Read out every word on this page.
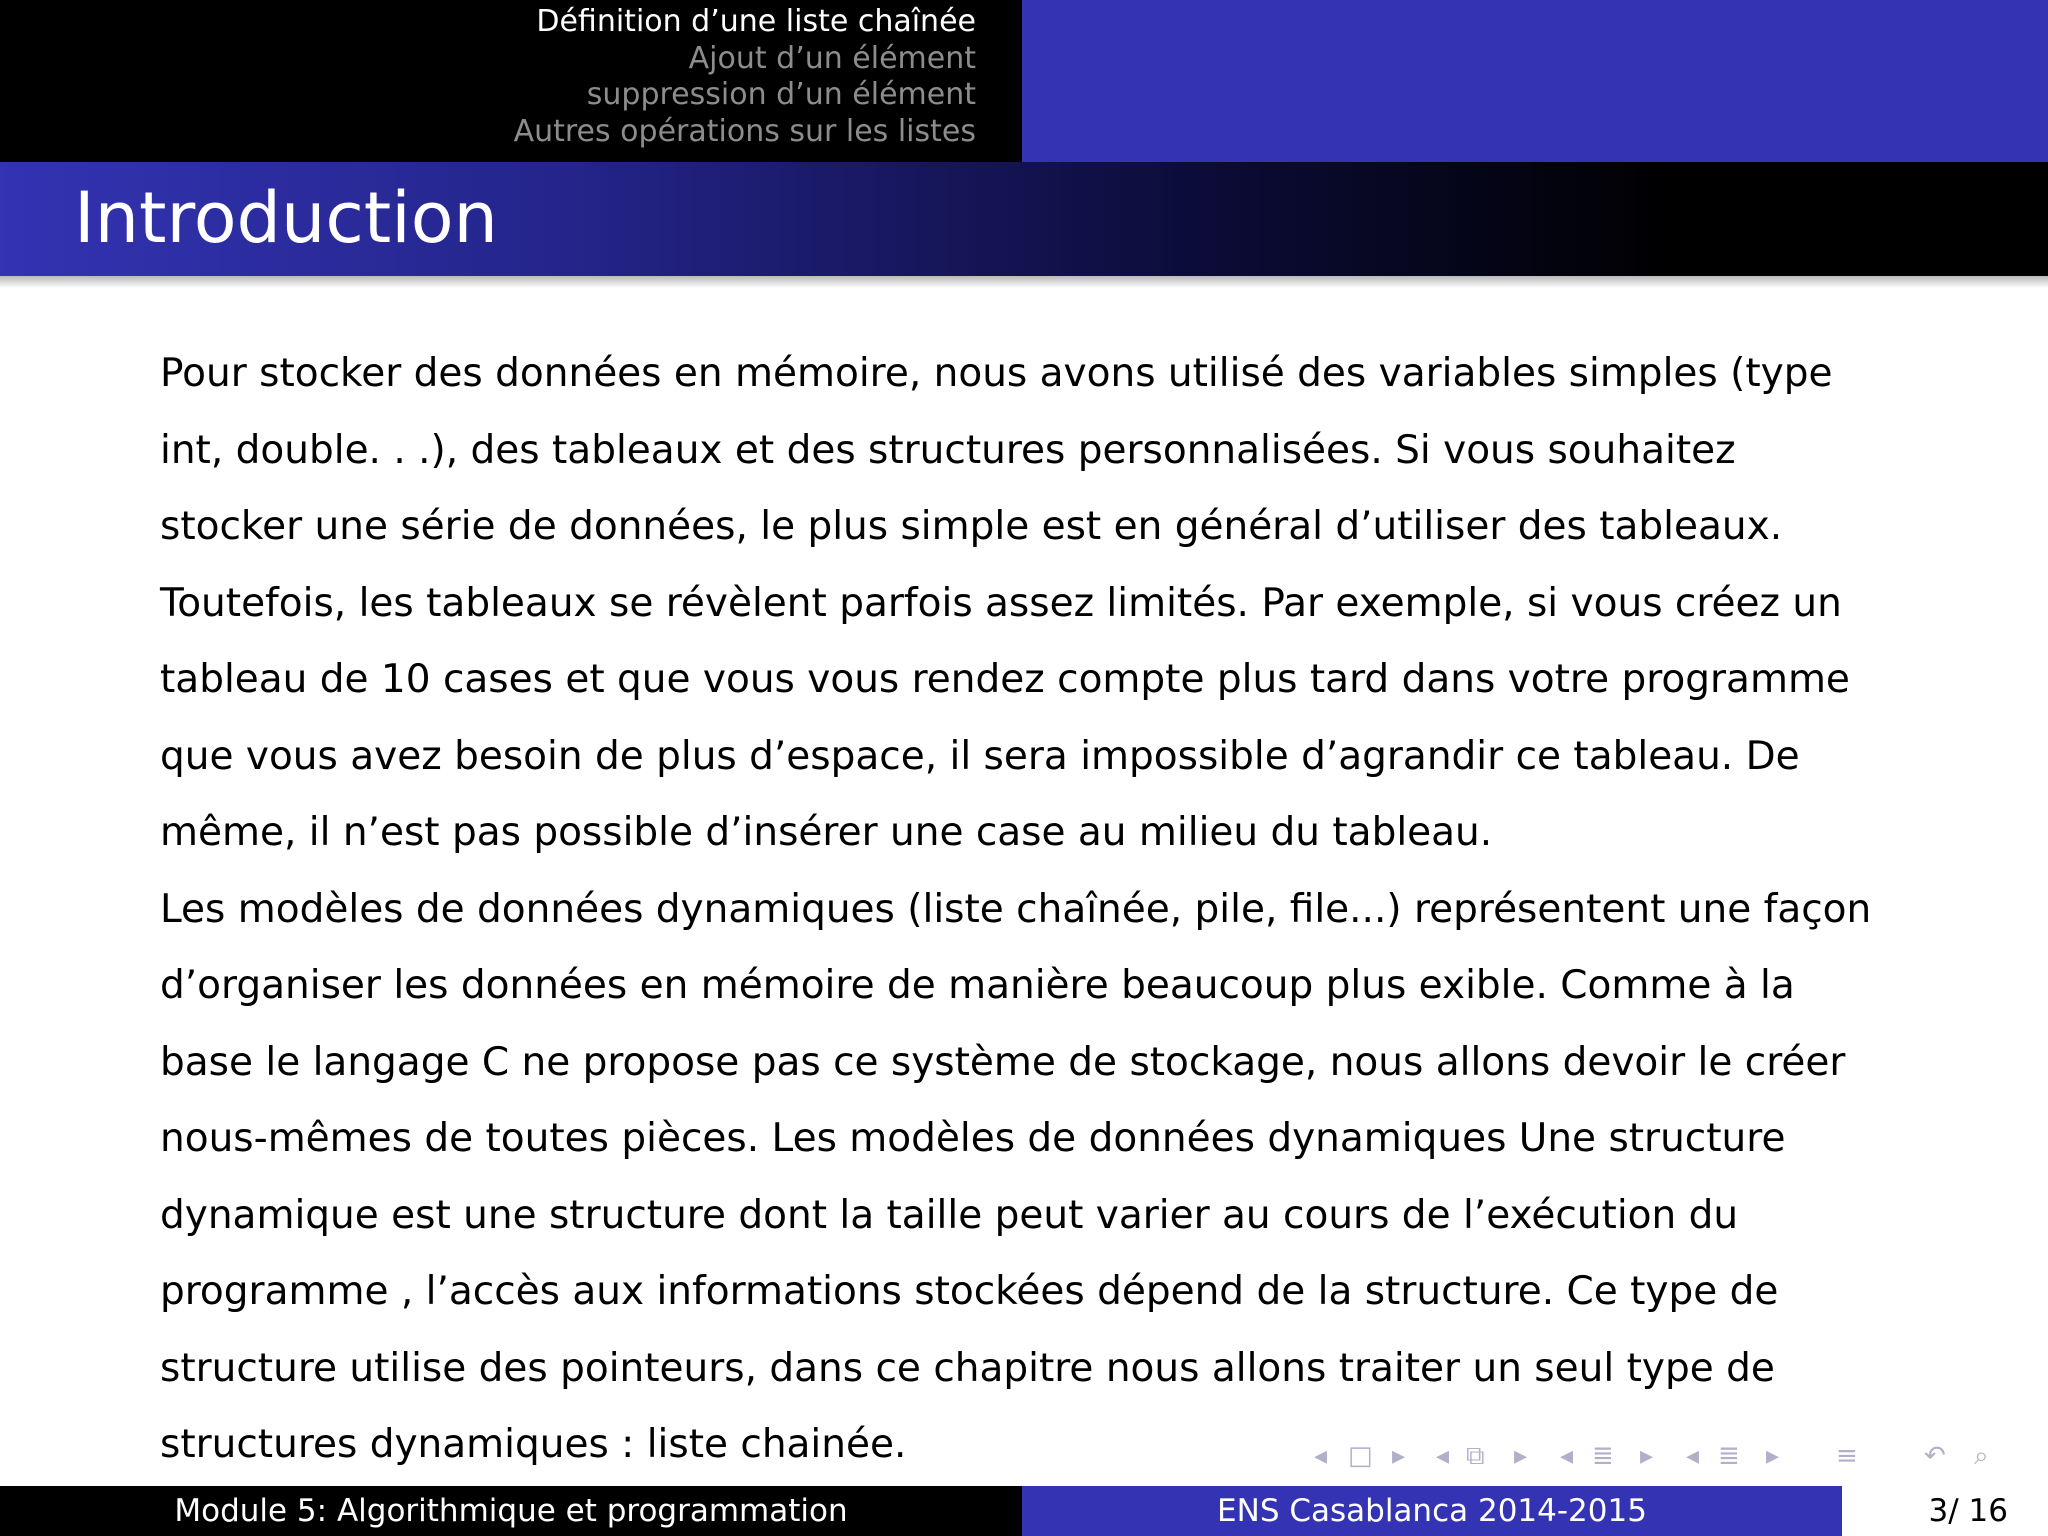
Définition d’une liste chaînée
Ajout d’un élément
suppression d’un élément
Autres opérations sur les listes
Introduction

Pour stocker des données en mémoire, nous avons utilisé des variables simples (type
int, double. . .), des tableaux et des structures personnalisées. Si vous souhaitez
stocker une série de données, le plus simple est en général d’utiliser des tableaux.
Toutefois, les tableaux se révèlent parfois assez limités. Par exemple, si vous créez un
tableau de 10 cases et que vous vous rendez compte plus tard dans votre programme
que vous avez besoin de plus d’espace, il sera impossible d’agrandir ce tableau. De
même, il n’est pas possible d’insérer une case au milieu du tableau.

Les modèles de données dynamiques (liste chaînée, pile, file...) représentent une façon
d’organiser les données en mémoire de manière beaucoup plus exible. Comme à la
base le langage C ne propose pas ce système de stockage, nous allons devoir le créer
nous-mêmes de toutes pièces. Les modèles de données dynamiques Une structure
dynamique est une structure dont la taille peut varier au cours de l’exécution du
programme , l’accès aux informations stockées dépend de la structure. Ce type de
structure utilise des pointeurs, dans ce chapitre nous allons traiter un seul type de
structures dynamiques : liste chainée.	◂ □ ▸ ◂ ⧉ ▸ ◂ ≣ ▸ ◂ ≣ ▸ ≡	↶ ⌕
Module 5: Algorithmique et programmation	ENS Casablanca 2014-2015	3/ 16
